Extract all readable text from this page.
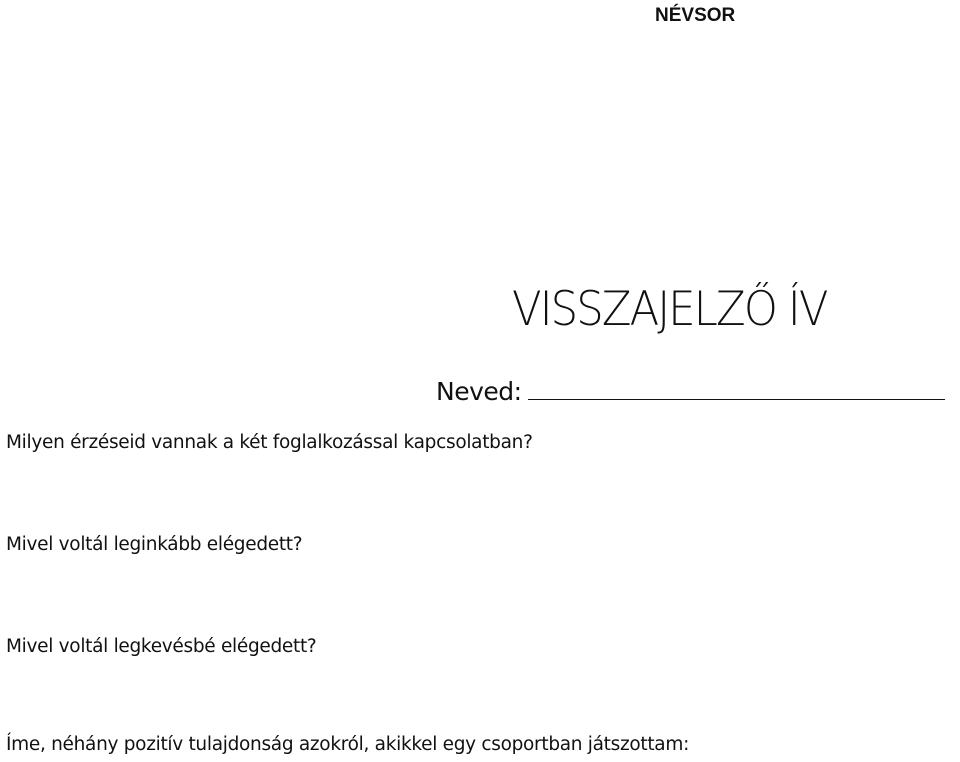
NÉVSOR
VISSZAJELZŐ ÍV
Neved:
Milyen érzéseid vannak a két foglalkozással kapcsolatban?
Mivel voltál leginkább elégedett?
Mivel voltál legkevésbé elégedett?
Íme, néhány pozitív tulajdonság azokról, akikkel egy csoportban játszottam:
